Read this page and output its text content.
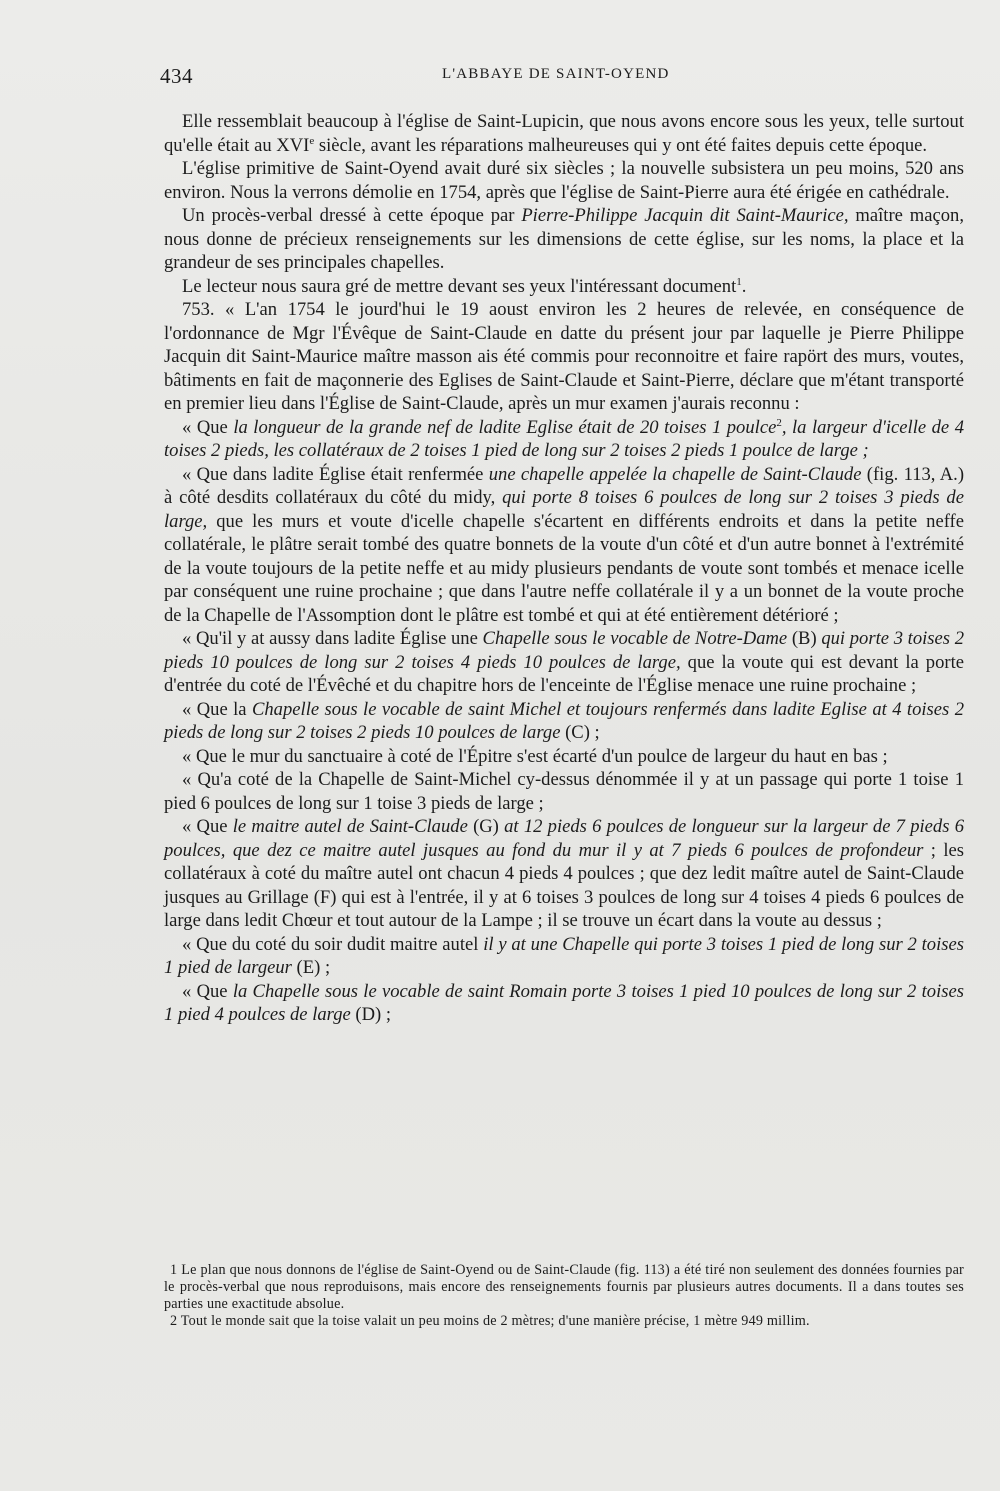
434	L'ABBAYE DE SAINT-OYEND

Elle ressemblait beaucoup à l'église de Saint-Lupicin, que nous avons encore sous les yeux, telle surtout qu'elle était au XVIe siècle, avant les réparations malheureuses qui y ont été faites depuis cette époque.

L'église primitive de Saint-Oyend avait duré six siècles ; la nouvelle subsistera un peu moins, 520 ans environ. Nous la verrons démolie en 1754, après que l'église de Saint-Pierre aura été érigée en cathédrale.

Un procès-verbal dressé à cette époque par Pierre-Philippe Jacquin dit Saint-Maurice, maître maçon, nous donne de précieux renseignements sur les dimensions de cette église, sur les noms, la place et la grandeur de ses principales chapelles.

Le lecteur nous saura gré de mettre devant ses yeux l'intéressant document$^1$.

753. « L'an 1754 le jourd'hui le 19 aoust environ les 2 heures de relevée, en conséquence de l'ordonnance de Mgr l'Évêque de Saint-Claude en datte du présent jour par laquelle je Pierre Philippe Jacquin dit Saint-Maurice maître masson ais été commis pour reconnoitre et faire rapört des murs, voutes, bâtiments en fait de maçonnerie des Eglises de Saint-Claude et Saint-Pierre, déclare que m'étant transporté en premier lieu dans l'Église de Saint-Claude, après un mur examen j'aurais reconnu :

« Que la longueur de la grande nef de ladite Eglise était de 20 toises 1 poulce$^2$, la largeur d'icelle de 4 toises 2 pieds, les collatéraux de 2 toises 1 pied de long sur 2 toises 2 pieds 1 poulce de large ;

« Que dans ladite Église était renfermée une chapelle appelée la chapelle de Saint-Claude (fig. 113, A.) à côté desdits collatéraux du côté du midy, qui porte 8 toises 6 poulces de long sur 2 toises 3 pieds de large, que les murs et voute d'icelle chapelle s'écartent en différents endroits et dans la petite neffe collatérale, le plâtre serait tombé des quatre bonnets de la voute d'un côté et d'un autre bonnet à l'extrémité de la voute toujours de la petite neffe et au midy plusieurs pendants de voute sont tombés et menace icelle par conséquent une ruine prochaine ; que dans l'autre neffe collatérale il y a un bonnet de la voute proche de la Chapelle de l'Assomption dont le plâtre est tombé et qui at été entièrement détérioré ;

« Qu'il y at aussy dans ladite Église une Chapelle sous le vocable de Notre-Dame (B) qui porte 3 toises 2 pieds 10 poulces de long sur 2 toises 4 pieds 10 poulces de large, que la voute qui est devant la porte d'entrée du coté de l'Évêché et du chapitre hors de l'enceinte de l'Église menace une ruine prochaine ;

« Que la Chapelle sous le vocable de saint Michel et toujours renfermés dans ladite Eglise at 4 toises 2 pieds de long sur 2 toises 2 pieds 10 poulces de large (C) ;

« Que le mur du sanctuaire à coté de l'Épitre s'est écarté d'un poulce de largeur du haut en bas ;

« Qu'a coté de la Chapelle de Saint-Michel cy-dessus dénommée il y at un passage qui porte 1 toise 1 pied 6 poulces de long sur 1 toise 3 pieds de large ;

« Que le maitre autel de Saint-Claude (G) at 12 pieds 6 poulces de longueur sur la largeur de 7 pieds 6 poulces, que dez ce maitre autel jusques au fond du mur il y at 7 pieds 6 poulces de profondeur ; les collatéraux à coté du maître autel ont chacun 4 pieds 4 poulces ; que dez ledit maître autel de Saint-Claude jusques au Grillage (F) qui est à l'entrée, il y at 6 toises 3 poulces de long sur 4 toises 4 pieds 6 poulces de large dans ledit Chœur et tout autour de la Lampe ; il se trouve un écart dans la voute au dessus ;

« Que du coté du soir dudit maitre autel il y at une Chapelle qui porte 3 toises 1 pied de long sur 2 toises 1 pied de largeur (E) ;

« Que la Chapelle sous le vocable de saint Romain porte 3 toises 1 pied 10 poulces de long sur 2 toises 1 pied 4 poulces de large (D) ;

1 Le plan que nous donnons de l'église de Saint-Oyend ou de Saint-Claude (fig. 113) a été tiré non seulement des données fournies par le procès-verbal que nous reproduisons, mais encore des renseignements fournis par plusieurs autres documents. Il a dans toutes ses parties une exactitude absolue.

2 Tout le monde sait que la toise valait un peu moins de 2 mètres; d'une manière précise, 1 mètre 949 millim.
